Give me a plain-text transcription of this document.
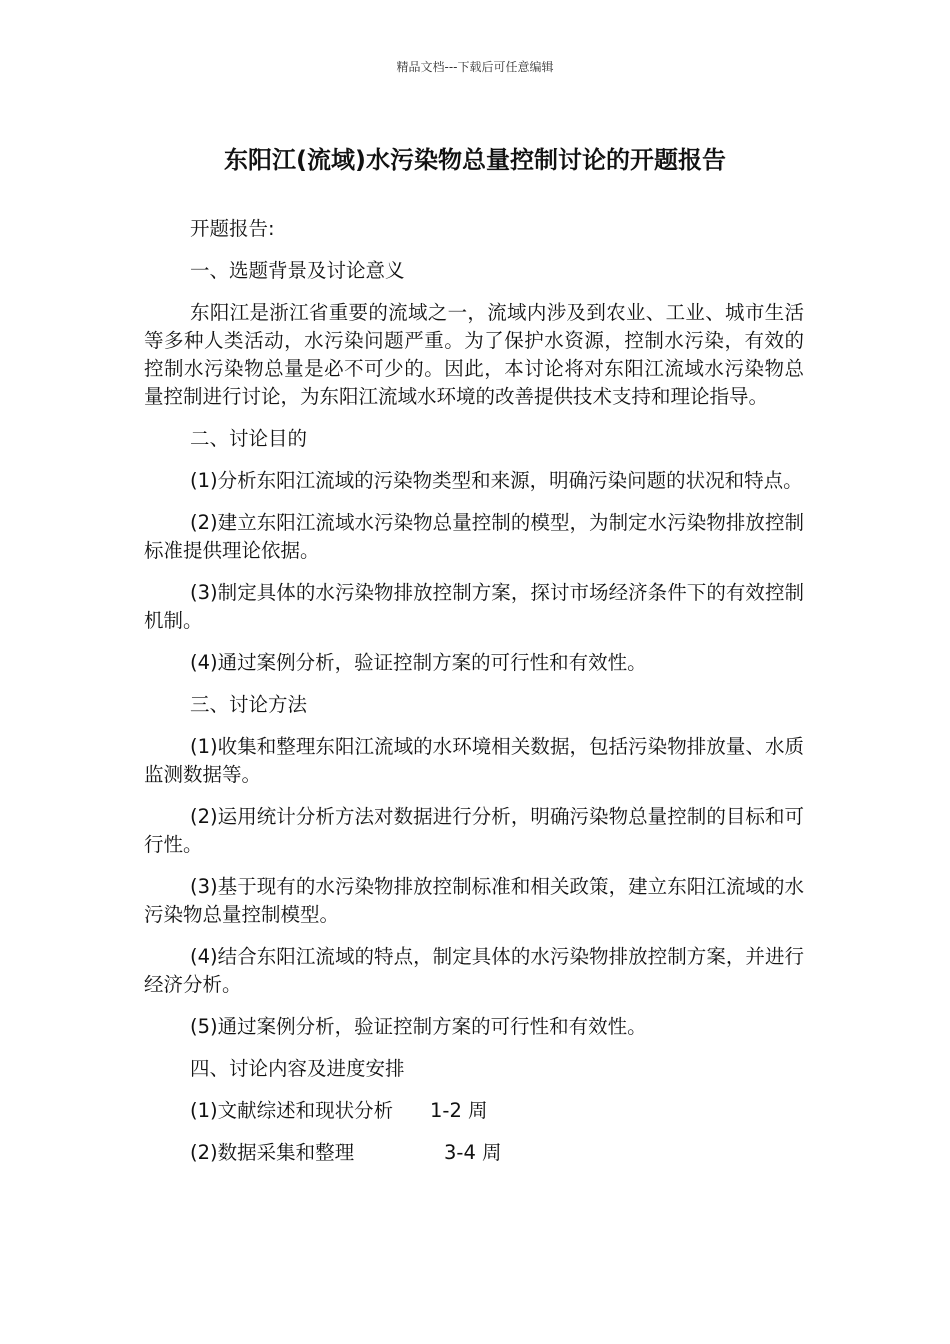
精品文档---下载后可任意编辑
东阳江(流域)水污染物总量控制讨论的开题报告

开题报告:

一、选题背景及讨论意义

东阳江是浙江省重要的流域之一，流域内涉及到农业、工业、城市生活等多种人类活动，水污染问题严重。为了保护水资源，控制水污染，有效的控制水污染物总量是必不可少的。因此，本讨论将对东阳江流域水污染物总量控制进行讨论，为东阳江流域水环境的改善提供技术支持和理论指导。

二、讨论目的

(1)分析东阳江流域的污染物类型和来源，明确污染问题的状况和特点。

(2)建立东阳江流域水污染物总量控制的模型，为制定水污染物排放控制标准提供理论依据。

(3)制定具体的水污染物排放控制方案，探讨市场经济条件下的有效控制机制。

(4)通过案例分析，验证控制方案的可行性和有效性。

三、讨论方法

(1)收集和整理东阳江流域的水环境相关数据，包括污染物排放量、水质监测数据等。

(2)运用统计分析方法对数据进行分析，明确污染物总量控制的目标和可行性。

(3)基于现有的水污染物排放控制标准和相关政策，建立东阳江流域的水污染物总量控制模型。

(4)结合东阳江流域的特点，制定具体的水污染物排放控制方案，并进行经济分析。

(5)通过案例分析，验证控制方案的可行性和有效性。

四、讨论内容及进度安排

(1)文献综述和现状分析 1-2 周
(2)数据采集和整理	3-4 周
